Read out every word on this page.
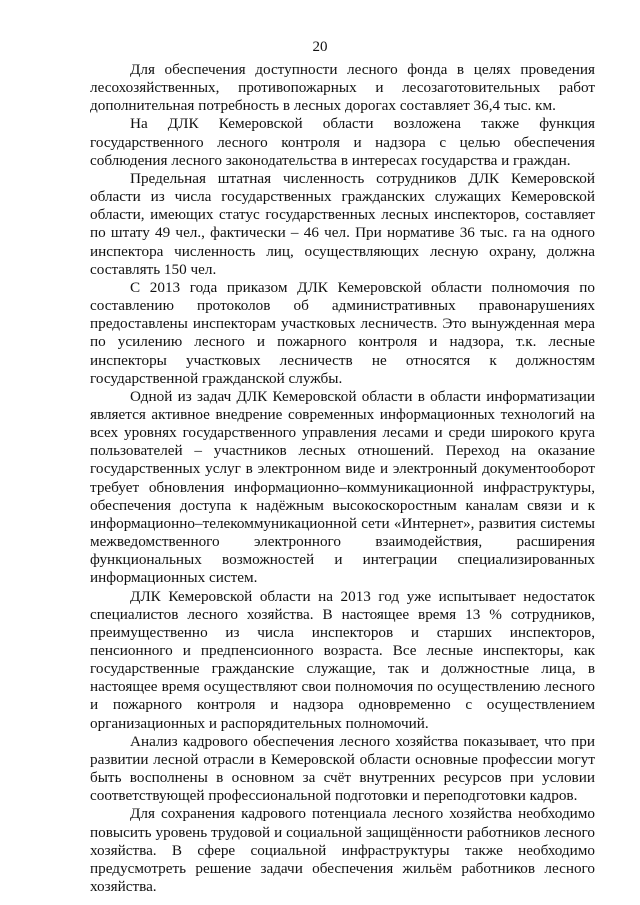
20

Для обеспечения доступности лесного фонда в целях проведения лесохозяйственных, противопожарных и лесозаготовительных работ дополнительная потребность в лесных дорогах составляет 36,4 тыс. км.

На ДЛК Кемеровской области возложена также функция государственного лесного контроля и надзора с целью обеспечения соблюдения лесного законодательства в интересах государства и граждан.

Предельная штатная численность сотрудников ДЛК Кемеровской области из числа государственных гражданских служащих Кемеровской области, имеющих статус государственных лесных инспекторов, составляет по штату 49 чел., фактически – 46 чел. При нормативе 36 тыс. га на одного инспектора численность лиц, осуществляющих лесную охрану, должна составлять 150 чел.

С 2013 года приказом ДЛК Кемеровской области полномочия по составлению протоколов об административных правонарушениях предоставлены инспекторам участковых лесничеств. Это вынужденная мера по усилению лесного и пожарного контроля и надзора, т.к. лесные инспекторы участковых лесничеств не относятся к должностям государственной гражданской службы.

Одной из задач ДЛК Кемеровской области в области информатизации является активное внедрение современных информационных технологий на всех уровнях государственного управления лесами и среди широкого круга пользователей – участников лесных отношений. Переход на оказание государственных услуг в электронном виде и электронный документооборот требует обновления информационно–коммуникационной инфраструктуры, обеспечения доступа к надёжным высокоскоростным каналам связи и к информационно–телекоммуникационной сети «Интернет», развития системы межведомственного электронного взаимодействия, расширения функциональных возможностей и интеграции специализированных информационных систем.

ДЛК Кемеровской области на 2013 год уже испытывает недостаток специалистов лесного хозяйства. В настоящее время 13 % сотрудников, преимущественно из числа инспекторов и старших инспекторов, пенсионного и предпенсионного возраста. Все лесные инспекторы, как государственные гражданские служащие, так и должностные лица, в настоящее время осуществляют свои полномочия по осуществлению лесного и пожарного контроля и надзора одновременно с осуществлением организационных и распорядительных полномочий.

Анализ кадрового обеспечения лесного хозяйства показывает, что при развитии лесной отрасли в Кемеровской области основные профессии могут быть восполнены в основном за счёт внутренних ресурсов при условии соответствующей профессиональной подготовки и переподготовки кадров.

Для сохранения кадрового потенциала лесного хозяйства необходимо повысить уровень трудовой и социальной защищённости работников лесного хозяйства. В сфере социальной инфраструктуры также необходимо предусмотреть решение задачи обеспечения жильём работников лесного хозяйства.
